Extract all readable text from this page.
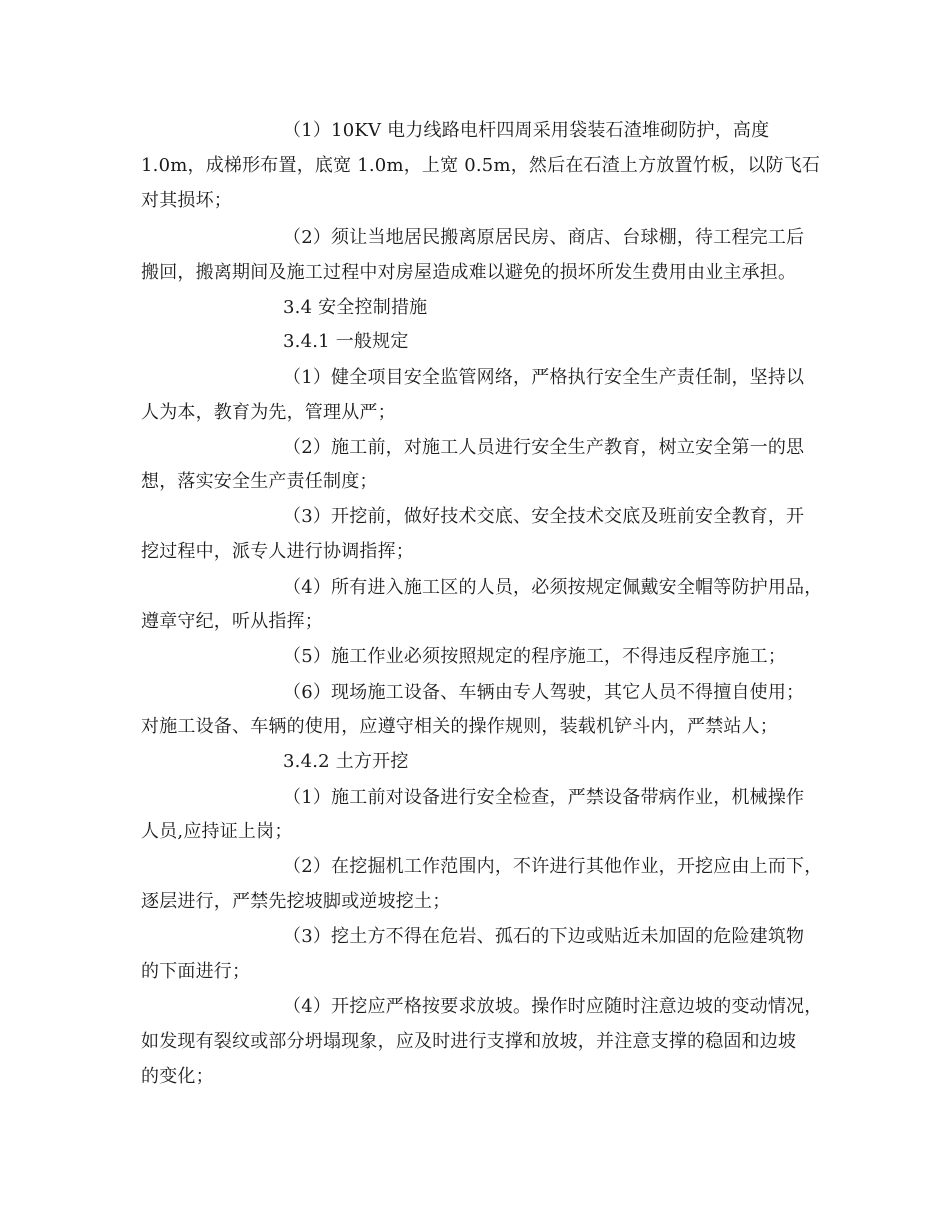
（1）10KV 电力线路电杆四周采用袋装石渣堆砌防护，高度
1.0m，成梯形布置，底宽 1.0m，上宽 0.5m，然后在石渣上方放置竹板，以防飞石
对其损坏；
（2）须让当地居民搬离原居民房、商店、台球棚，待工程完工后
搬回，搬离期间及施工过程中对房屋造成难以避免的损坏所发生费用由业主承担。
3.4 安全控制措施
3.4.1 一般规定
（1）健全项目安全监管网络，严格执行安全生产责任制，坚持以
人为本，教育为先，管理从严；
（2）施工前，对施工人员进行安全生产教育，树立安全第一的思
想，落实安全生产责任制度；
（3）开挖前，做好技术交底、安全技术交底及班前安全教育，开
挖过程中，派专人进行协调指挥；
（4）所有进入施工区的人员，必须按规定佩戴安全帽等防护用品，
遵章守纪，听从指挥；
（5）施工作业必须按照规定的程序施工，不得违反程序施工；
（6）现场施工设备、车辆由专人驾驶，其它人员不得擅自使用；
对施工设备、车辆的使用，应遵守相关的操作规则，装载机铲斗内，严禁站人；
3.4.2 土方开挖
（1）施工前对设备进行安全检查，严禁设备带病作业，机械操作
人员,应持证上岗；
（2）在挖掘机工作范围内，不许进行其他作业，开挖应由上而下，
逐层进行，严禁先挖坡脚或逆坡挖土；
（3）挖土方不得在危岩、孤石的下边或贴近未加固的危险建筑物
的下面进行；
（4）开挖应严格按要求放坡。操作时应随时注意边坡的变动情况，
如发现有裂纹或部分坍塌现象，应及时进行支撑和放坡，并注意支撑的稳固和边坡
的变化；
